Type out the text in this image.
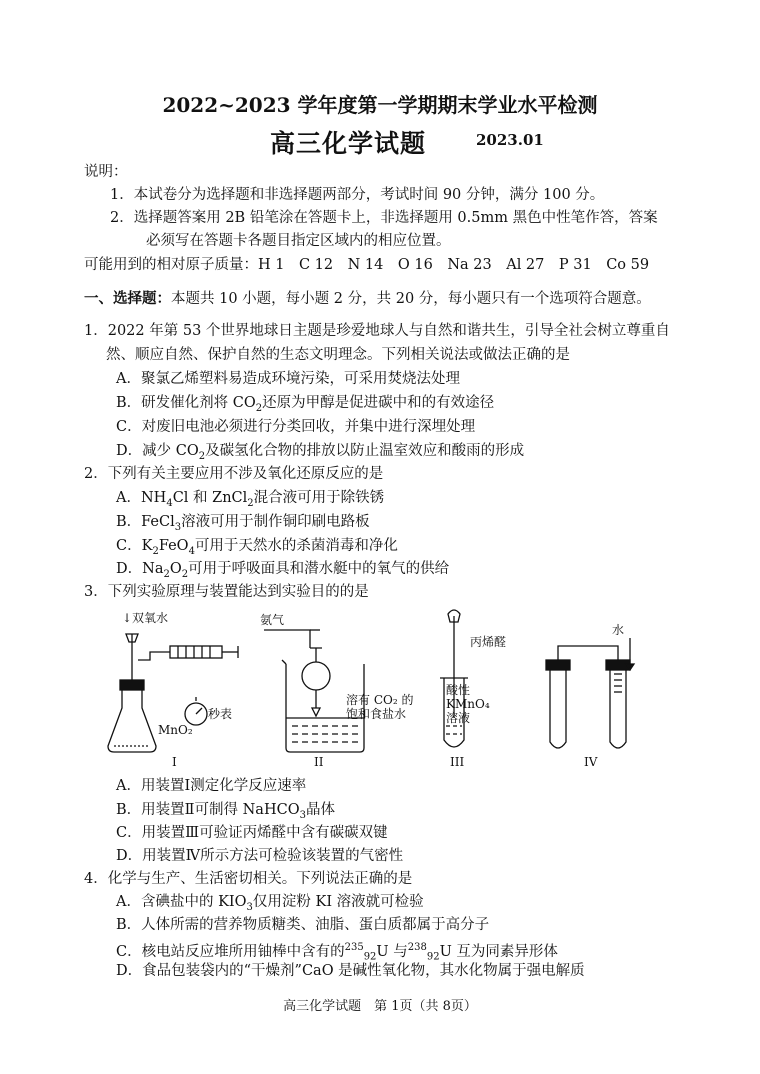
2022~2023 学年度第一学期期末学业水平检测
高三化学试题	2023.01
说明：
1．本试卷分为选择题和非选择题两部分，考试时间 90 分钟，满分 100 分。
2．选择题答案用 2B 铅笔涂在答题卡上，非选择题用 0.5mm 黑色中性笔作答，答案
必须写在答题卡各题目指定区域内的相应位置。
可能用到的相对原子质量：H 1　C 12　N 14　O 16　Na 23　Al 27　P 31　Co 59
一、选择题：本题共 10 小题，每小题 2 分，共 20 分，每小题只有一个选项符合题意。
1．2022 年第 53 个世界地球日主题是珍爱地球人与自然和谐共生，引导全社会树立尊重自
然、顺应自然、保护自然的生态文明理念。下列相关说法或做法正确的是
A．聚氯乙烯塑料易造成环境污染，可采用焚烧法处理
B．研发催化剂将 $CO_2$还原为甲醇是促进碳中和的有效途径
C．对废旧电池必须进行分类回收，并集中进行深埋处理
D．减少 $CO_2$及碳氢化合物的排放以防止温室效应和酸雨的形成
2．下列有关主要应用不涉及氧化还原反应的是
A．$NH_4Cl$ 和 ZnCl$_2$混合液可用于除铁锈
B．FeCl$_3$溶液可用于制作铜印刷电路板
C．$K_2FeO_4$可用于天然水的杀菌消毒和净化
D．$Na_2O_2$可用于呼吸面具和潜水艇中的氧气的供给
3．下列实验原理与装置能达到实验目的的是
↓双氧水
秒表
MnO₂
氨气
溶有 CO₂ 的
饱和食盐水
丙烯醛
酸性
KMnO₄
溶液
水
I	II	III	IV
A．用装置Ⅰ测定化学反应速率
B．用装置Ⅱ可制得 NaHCO$_3$晶体
C．用装置Ⅲ可验证丙烯醛中含有碳碳双键
D．用装置Ⅳ所示方法可检验该装置的气密性
4．化学与生产、生活密切相关。下列说法正确的是
A．含碘盐中的 $KIO_3$仅用淀粉 KI 溶液就可检验
B．人体所需的营养物质糖类、油脂、蛋白质都属于高分子
C．核电站反应堆所用铀棒中含有的$^{235}_{92}$U 与$^{238}_{92}$U 互为同素异形体
D．食品包装袋内的“干燥剂”CaO 是碱性氧化物，其水化物属于强电解质
高三化学试题　第 1页（共 8页）
